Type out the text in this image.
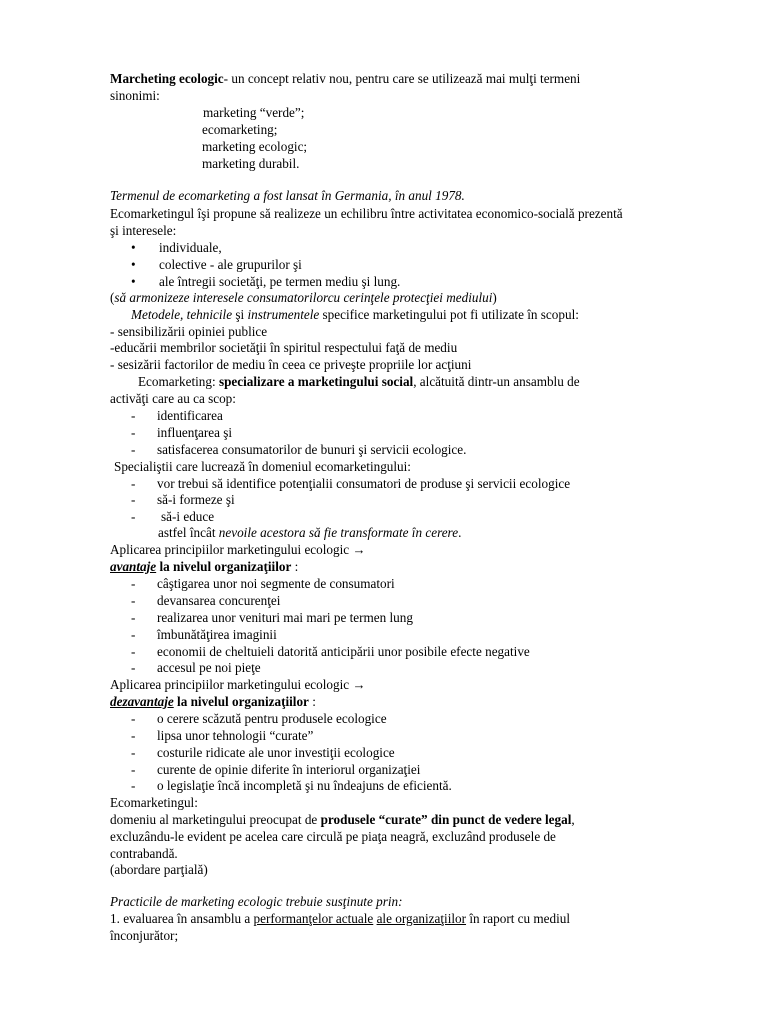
Marcheting ecologic- un concept relativ nou, pentru care se utilizează mai mulţi termeni
sinonimi:
marketing “verde”;
ecomarketing;
marketing ecologic;
marketing durabil.
Termenul de ecomarketing a fost lansat în Germania, în anul 1978.
Ecomarketingul îşi propune să realizeze un echilibru între activitatea economico-socială prezentă
şi interesele:
• individuale,
• colective - ale grupurilor şi
• ale întregii societăţi, pe termen mediu şi lung.
(să armonizeze interesele consumatorilorcu cerinţele protecţiei mediului)
Metodele, tehnicile şi instrumentele specifice marketingului pot fi utilizate în scopul:
- sensibilizării opiniei publice
-educării membrilor societăţii în spiritul respectului faţă de mediu
- sesizării factorilor de mediu în ceea ce priveşte propriile lor acţiuni
Ecomarketing: specializare a marketingului social, alcătuită dintr-un ansamblu de
activăţi care au ca scop:
- identificarea
- influenţarea şi
- satisfacerea consumatorilor de bunuri şi servicii ecologice.
Specialiştii care lucrează în domeniul ecomarketingului:
- vor trebui să identifice potenţialii consumatori de produse şi servicii ecologice
- să-i formeze şi
- să-i educe
astfel încât nevoile acestora să fie transformate în cerere.
Aplicarea principiilor marketingului ecologic →
avantaje la nivelul organizaţiilor :
- câştigarea unor noi segmente de consumatori
- devansarea concurenţei
- realizarea unor venituri mai mari pe termen lung
- îmbunătăţirea imaginii
- economii de cheltuieli datorită anticipării unor posibile efecte negative
- accesul pe noi pieţe
Aplicarea principiilor marketingului ecologic →
dezavantaje la nivelul organizaţiilor :
- o cerere scăzută pentru produsele ecologice
- lipsa unor tehnologii “curate”
- costurile ridicate ale unor investiţii ecologice
- curente de opinie diferite în interiorul organizaţiei
- o legislaţie încă incompletă şi nu îndeajuns de eficientă.
Ecomarketingul:
domeniu al marketingului preocupat de produsele “curate” din punct de vedere legal,
excluzându-le evident pe acelea care circulă pe piaţa neagră, excluzând produsele de
contrabandă.
(abordare parţială)
Practicile de marketing ecologic trebuie susţinute prin:
1. evaluarea în ansamblu a performanţelor actuale ale organizaţiilor în raport cu mediul
înconjurător;
